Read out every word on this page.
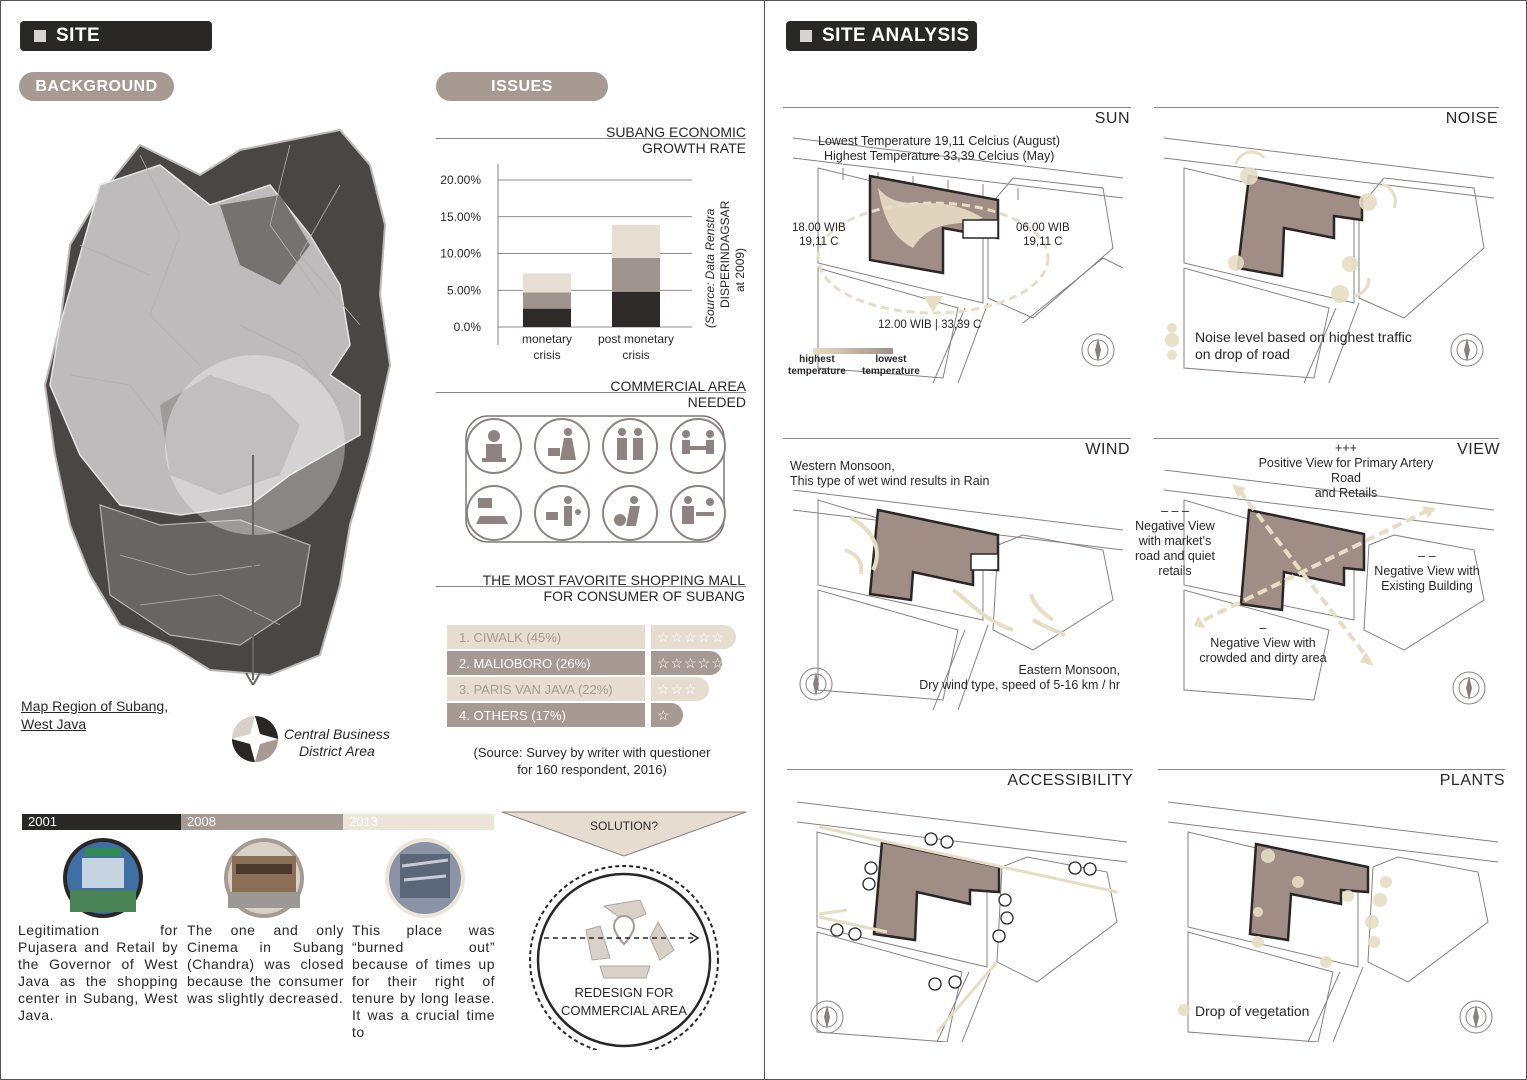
SITE
BACKGROUND	ISSUES
Map Region of Subang,
West Java
Central Business
District Area
SUBANG ECONOMIC
GROWTH RATE
0.0%
5.00%
10.00%
15.00%
20.00%
monetary
crisis
post monetary
crisis
(Source: Data Renstra DISPERINDAGSAR at 2009)
COMMERCIAL AREA
NEEDED
THE MOST FAVORITE SHOPPING MALL
FOR CONSUMER OF SUBANG
1. CIWALK (45%)	☆☆☆☆☆
2. MALIOBORO (26%)	☆☆☆☆☆
3. PARIS VAN JAVA (22%)	☆☆☆
4. OTHERS (17%)	☆
(Source: Survey by writer with questioner
for 160 respondent, 2016)
2001	2008	2013
Legitimation for Pujasera and Retail by the Governor of West Java as the shopping center in Subang, West Java.
The one and only Cinema in Subang (Chandra) was closed because the consumer was slightly decreased.
This place was “burned out” because of times up for their right of tenure by long lease. It was a crucial time to
SOLUTION?
REDESIGN FOR
COMMERCIAL AREA
SITE ANALYSIS
SUN	NOISE
WIND	VIEW
ACCESSIBILITY	PLANTS
Lowest Temperature 19,11 Celcius (August)
Highest Temperature 33,39 Celcius (May)
18.00 WIB
19,11 C
06.00 WIB
19,11 C
12.00 WIB | 33,39 C
highest
temperature
lowest
temperature
Noise level based on highest traffic
on drop of road
Western Monsoon,
This type of wet wind results in Rain
Eastern Monsoon,
Dry wind type, speed of 5-16 km / hr
+++
Positive View for Primary Artery
Road
and Retails
– – –
Negative View
with market's
road and quiet
retails
– –
Negative View with
Existing Building
–
Negative View with
crowded and dirty area
Drop of vegetation
